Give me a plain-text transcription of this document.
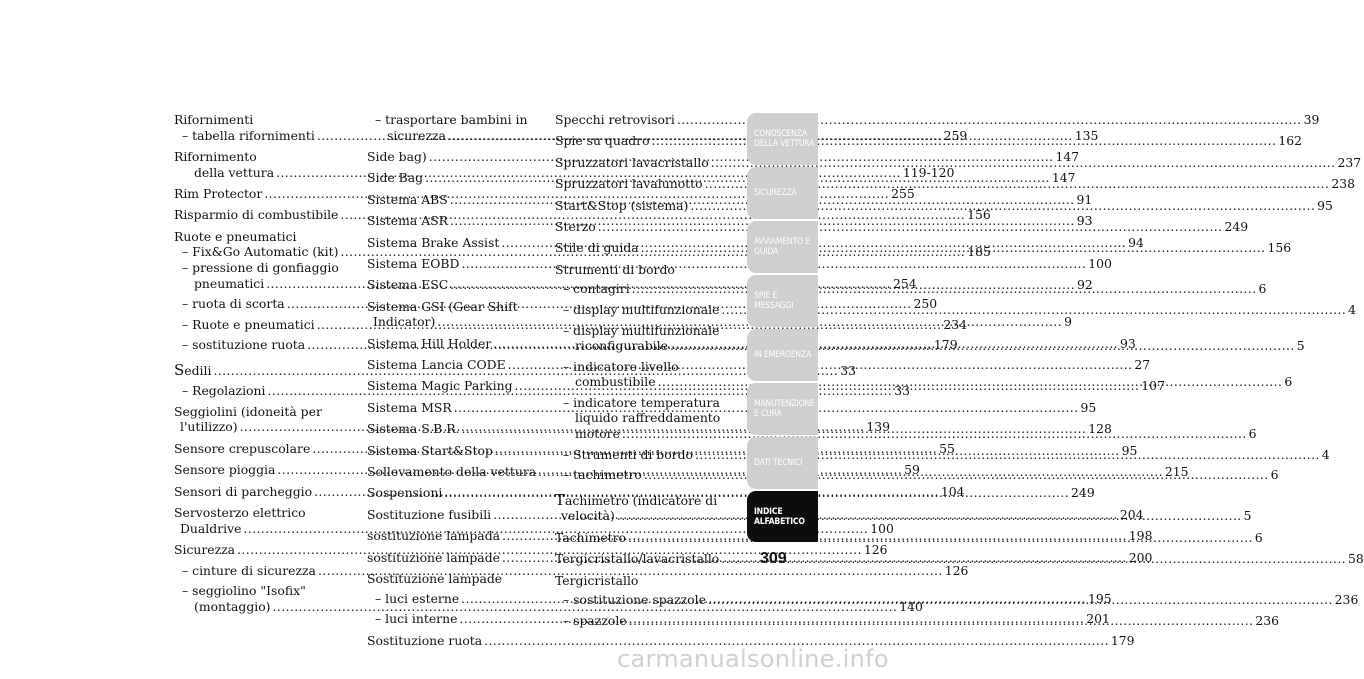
Rifornimenti
– tabella rifornimenti .....	259
Rifornimento
della vettura .....	119-120
Rim Protector .....	255
Risparmio di combustibile .....	156
Ruote e pneumatici
– Fix&Go Automatic (kit) .....	185
– pressione di gonfiaggio
pneumatici .....	254
– ruota di scorta .....	250
– Ruote e pneumatici .....	234
– sostituzione ruota .....	179
Sedili .....	33
– Regolazioni .....	33
Seggiolini (idoneità per
l'utilizzo) .....	139
Sensore crepuscolare .....	55
Sensore pioggia .....	59
Sensori di parcheggio .....	104
Servosterzo elettrico
Dualdrive .....	100
Sicurezza .....	126
– cinture di sicurezza .....	126
– seggiolino "Isofix"
(montaggio) .....	140
– trasportare bambini in
sicurezza .....	135
Side bag) .....	147
Side Bag .....	147
Sistema ABS .....	91
Sistema ASR .....	93
Sistema Brake Assist .....	94
Sistema EOBD .....	100
Sistema ESC .....	92
Sistema GSI (Gear Shift
Indicator) .....	9
Sistema Hill Holder .....	93
Sistema Lancia CODE .....	27
Sistema Magic Parking .....	107
Sistema MSR .....	95
Sistema S.B.R. .....	128
Sistema Start&Stop .....	95
Sollevamento della vettura .....	215
Sospensioni .....	249
Sostituzione fusibili .....	204
sostituzione lampada .....	198
sostituzione lampade .....	200
Sostituzione lampade
– luci esterne .....	195
– luci interne .....	201
Sostituzione ruota .....	179
Specchi retrovisori .....	39
Spie su quadro .....	162
Spruzzatori lavacristallo .....	237
Spruzzatori lavalunotto .....	238
Start&Stop (sistema) .....	95
Sterzo .....	249
Stile di guida .....	156
Strumenti di bordo
– contagiri .....	6
– display multifunzionale .....	4
– display multifunzionale
riconfigurabile .....	5
– indicatore livello
combustibile .....	6
– indicatore temperatura
liquido raffreddamento
motore .....	6
– Strumenti di bordo .....	4
– tachimetro .....	6
Tachimetro (indicatore di
velocità) .....	5
Tachimetro .....	6
Tergicristallo/lavacristallo .....	58
Tergicristallo
– sostituzione spazzole .....	236
– spazzole .....	236
CONOSCENZA DELLA VETTURA
SICUREZZA
AVVIAMENTO E GUIDA
SPIE E MESSAGGI
IN EMERGENZA
MANUTENZIONE E CURA
DATI TECNICI
INDICE ALFABETICO
309
carmanualsonline.info
